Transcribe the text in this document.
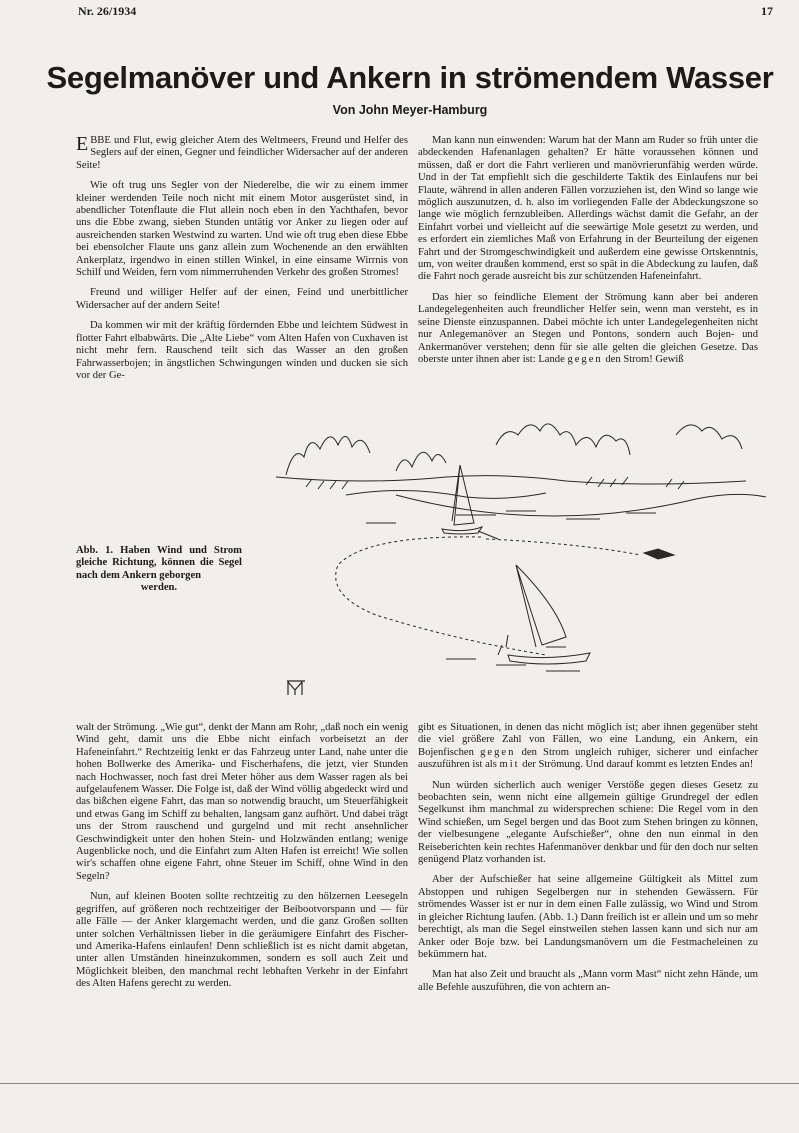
Nr. 26/1934	17
Segelmanöver und Ankern in strömendem Wasser
Von John Meyer-Hamburg

EBBE und Flut, ewig gleicher Atem des Weltmeers, Freund und Helfer des Seglers auf der einen, Gegner und feindlicher Widersacher auf der anderen Seite!

Wie oft trug uns Segler von der Niederelbe, die wir zu einem immer kleiner werdenden Teile noch nicht mit einem Motor ausgerüstet sind, in abendlicher Totenflaute die Flut allein noch eben in den Yachthafen, bevor uns die Ebbe zwang, sieben Stunden untätig vor Anker zu liegen oder auf ausreichenden starken Westwind zu warten. Und wie oft trug eben diese Ebbe bei ebensolcher Flaute uns ganz allein zum Wochenende an den erwählten Ankerplatz, irgendwo in einen stillen Winkel, in eine einsame Wirrnis von Schilf und Weiden, fern vom nimmerruhenden Verkehr des großen Stromes!

Freund und williger Helfer auf der einen, Feind und unerbittlicher Widersacher auf der andern Seite!

Da kommen wir mit der kräftig fördernden Ebbe und leichtem Südwest in flotter Fahrt elbabwärts. Die „Alte Liebe“ vom Alten Hafen von Cuxhaven ist nicht mehr fern. Rauschend teilt sich das Wasser an den großen Fahrwasserbojen; in ängstlichen Schwingungen winden und ducken sie sich vor der Ge-

Man kann nun einwenden: Warum hat der Mann am Ruder so früh unter die abdeckenden Hafenanlagen gehalten? Er hätte voraussehen können und müssen, daß er dort die Fahrt verlieren und manövrierunfähig werden würde. Und in der Tat empfiehlt sich die geschilderte Taktik des Einlaufens nur bei Flaute, während in allen anderen Fällen vorzuziehen ist, den Wind so lange wie möglich auszunutzen, d. h. also im vorliegenden Falle der Abdeckungszone so lange wie möglich fernzubleiben. Allerdings wächst damit die Gefahr, an der Einfahrt vorbei und vielleicht auf die seewärtige Mole gesetzt zu werden, und es erfordert ein ziemliches Maß von Erfahrung in der Beurteilung der eigenen Fahrt und der Stromgeschwindigkeit und außerdem eine gewisse Ortskenntnis, um, von weiter draußen kommend, erst so spät in die Abdeckung zu laufen, daß die Fahrt noch gerade ausreicht bis zur schützenden Hafeneinfahrt.

Das hier so feindliche Element der Strömung kann aber bei anderen Landegelegenheiten auch freundlicher Helfer sein, wenn man versteht, es in seine Dienste einzuspannen. Dabei möchte ich unter Landegelegenheiten nicht nur Anlegemanöver an Stegen und Pontons, sondern auch Bojen- und Ankermanöver verstehen; denn für sie alle gelten die gleichen Gesetze. Das oberste unter ihnen aber ist: Lande gegen den Strom! Gewiß

Abb. 1. Haben Wind und Strom gleiche Richtung, können die Segel nach dem Ankern geborgen
werden.

walt der Strömung. „Wie gut“, denkt der Mann am Rohr, „daß noch ein wenig Wind geht, damit uns die Ebbe nicht einfach vorbeisetzt an der Hafeneinfahrt.“ Rechtzeitig lenkt er das Fahrzeug unter Land, nahe unter die hohen Bollwerke des Amerika- und Fischerhafens, die jetzt, vier Stunden nach Hochwasser, noch fast drei Meter höher aus dem Wasser ragen als bei aufgelaufenem Wasser. Die Folge ist, daß der Wind völlig abgedeckt wird und das bißchen eigene Fahrt, das man so notwendig braucht, um Steuerfähigkeit und etwas Gang im Schiff zu behalten, langsam ganz aufhört. Und dabei trägt uns der Strom rauschend und gurgelnd und mit recht ansehnlicher Geschwindigkeit unter den hohen Stein- und Holzwänden entlang; wenige Augenblicke noch, und die Einfahrt zum Alten Hafen ist erreicht! Wie sollen wir's schaffen ohne eigene Fahrt, ohne Steuer im Schiff, ohne Wind in den Segeln?

Nun, auf kleinen Booten sollte rechtzeitig zu den hölzernen Leesegeln gegriffen, auf größeren noch rechtzeitiger der Beibootvorspann und — für alle Fälle — der Anker klargemacht werden, und die ganz Großen sollten unter solchen Verhältnissen lieber in die geräumigere Einfahrt des Fischer- und Amerika-Hafens einlaufen! Denn schließlich ist es nicht damit abgetan, unter allen Umständen hineinzukommen, sondern es soll auch Zeit und Möglichkeit bleiben, den manchmal recht lebhaften Verkehr in der Einfahrt des Alten Hafens gerecht zu werden.

gibt es Situationen, in denen das nicht möglich ist; aber ihnen gegenüber steht die viel größere Zahl von Fällen, wo eine Landung, ein Ankern, ein Bojenfischen gegen den Strom ungleich ruhiger, sicherer und einfacher auszuführen ist als mit der Strömung. Und darauf kommt es letzten Endes an!

Nun würden sicherlich auch weniger Verstöße gegen dieses Gesetz zu beobachten sein, wenn nicht eine allgemein gültige Grundregel der edlen Segelkunst ihm manchmal zu widersprechen schiene: Die Regel vom in den Wind schießen, um Segel bergen und das Boot zum Stehen bringen zu können, der vielbesungene „elegante Aufschießer“, ohne den nun einmal in den Reiseberichten kein rechtes Hafenmanöver denkbar und für den doch nur selten genügend Platz vorhanden ist.

Aber der Aufschießer hat seine allgemeine Gültigkeit als Mittel zum Abstoppen und ruhigen Segelbergen nur in stehenden Gewässern. Für strömendes Wasser ist er nur in dem einen Falle zulässig, wo Wind und Strom in gleicher Richtung laufen. (Abb. 1.) Dann freilich ist er allein und um so mehr berechtigt, als man die Segel einstweilen stehen lassen kann und sich nur am Anker oder Boje bzw. bei Landungsmanövern um die Festmacheleinen zu bekümmern hat.

Man hat also Zeit und braucht als „Mann vorm Mast“ nicht zehn Hände, um alle Befehle auszuführen, die von achtern an-
